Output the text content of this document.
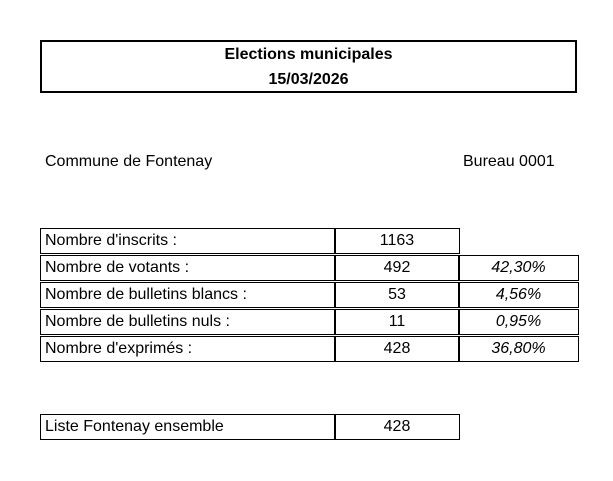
Elections municipales
15/03/2026
Commune de Fontenay	Bureau 0001
Nombre d'inscrits :	1163
Nombre de votants :	492	42,30%
Nombre de bulletins blancs :	53	4,56%
Nombre de bulletins nuls :	11	0,95%
Nombre d'exprimés :	428	36,80%
Liste Fontenay ensemble	428
